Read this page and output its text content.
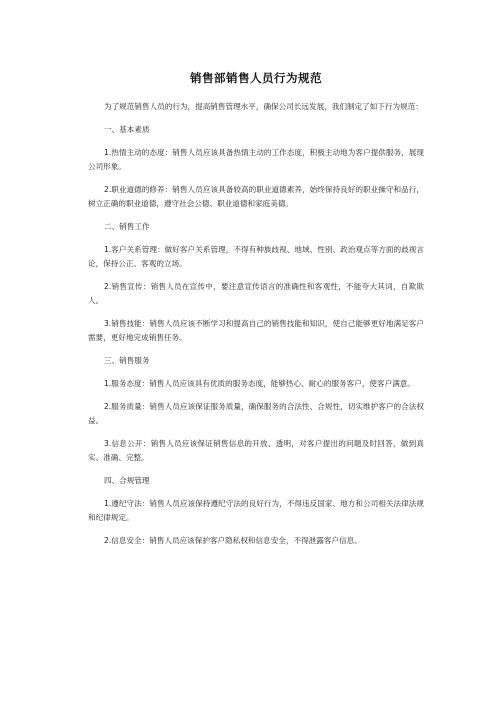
销售部销售人员行为规范

为了规范销售人员的行为，提高销售管理水平，确保公司长远发展，我们制定了如下行为规范：

一、基本素质

1.热情主动的态度：销售人员应该具备热情主动的工作态度，积极主动地为客户提供服务，展现公司形象。

2.职业道德的修养：销售人员应该具备较高的职业道德素养，始终保持良好的职业操守和品行，树立正确的职业道德，遵守社会公德、职业道德和家庭美德。

二、销售工作

1.客户关系管理：做好客户关系管理，不得有种族歧视、地域、性别、政治观点等方面的歧视言论，保持公正、客观的立场。

2.销售宣传：销售人员在宣传中，要注意宣传语言的准确性和客观性，不能夸大其词，自欺欺人。

3.销售技能：销售人员应该不断学习和提高自己的销售技能和知识，使自己能够更好地满足客户需要，更好地完成销售任务。

三、销售服务

1.服务态度：销售人员应该具有优质的服务态度，能够热心、耐心的服务客户，使客户满意。

2.服务质量：销售人员应该保证服务质量，确保服务的合法性、合规性，切实维护客户的合法权益。

3.信息公开：销售人员应该保证销售信息的开放、透明，对客户提出的问题及时回答，做到真实、准确、完整。

四、合规管理

1.遵纪守法：销售人员应该保持遵纪守法的良好行为，不得违反国家、地方和公司相关法律法规和纪律规定。

2.信息安全：销售人员应该保护客户隐私权和信息安全，不得泄露客户信息。
